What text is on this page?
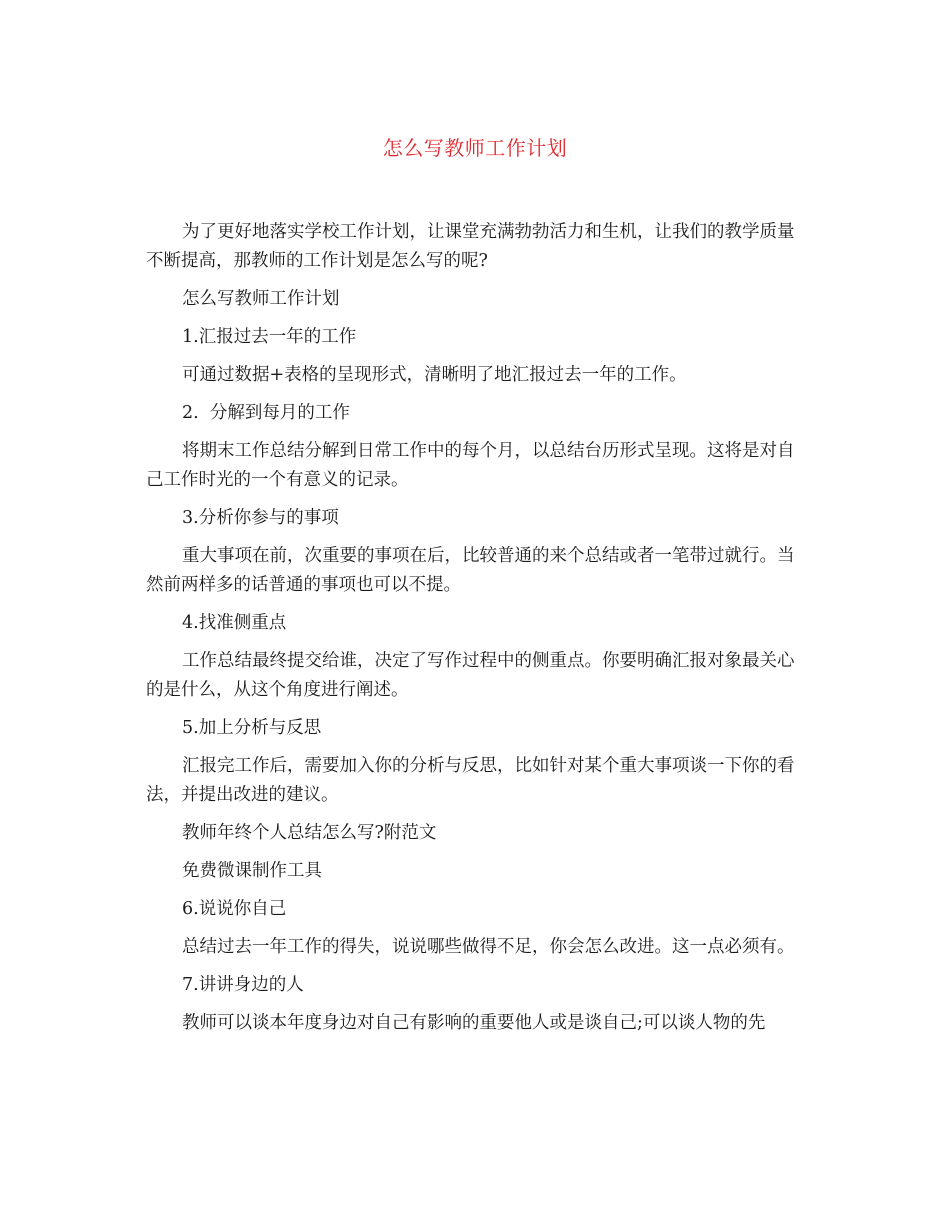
怎么写教师工作计划

为了更好地落实学校工作计划，让课堂充满勃勃活力和生机，让我们的教学质量不断提高，那教师的工作计划是怎么写的呢?

怎么写教师工作计划

1.汇报过去一年的工作

可通过数据+表格的呈现形式，清晰明了地汇报过去一年的工作。

2.  分解到每月的工作

将期末工作总结分解到日常工作中的每个月，以总结台历形式呈现。这将是对自己工作时光的一个有意义的记录。

3.分析你参与的事项

重大事项在前，次重要的事项在后，比较普通的来个总结或者一笔带过就行。当然前两样多的话普通的事项也可以不提。

4.找准侧重点

工作总结最终提交给谁，决定了写作过程中的侧重点。你要明确汇报对象最关心的是什么，从这个角度进行阐述。

5.加上分析与反思

汇报完工作后，需要加入你的分析与反思，比如针对某个重大事项谈一下你的看法，并提出改进的建议。

教师年终个人总结怎么写?附范文

免费微课制作工具

6.说说你自己

总结过去一年工作的得失，说说哪些做得不足，你会怎么改进。这一点必须有。

7.讲讲身边的人

教师可以谈本年度身边对自己有影响的重要他人或是谈自己;可以谈人物的先
